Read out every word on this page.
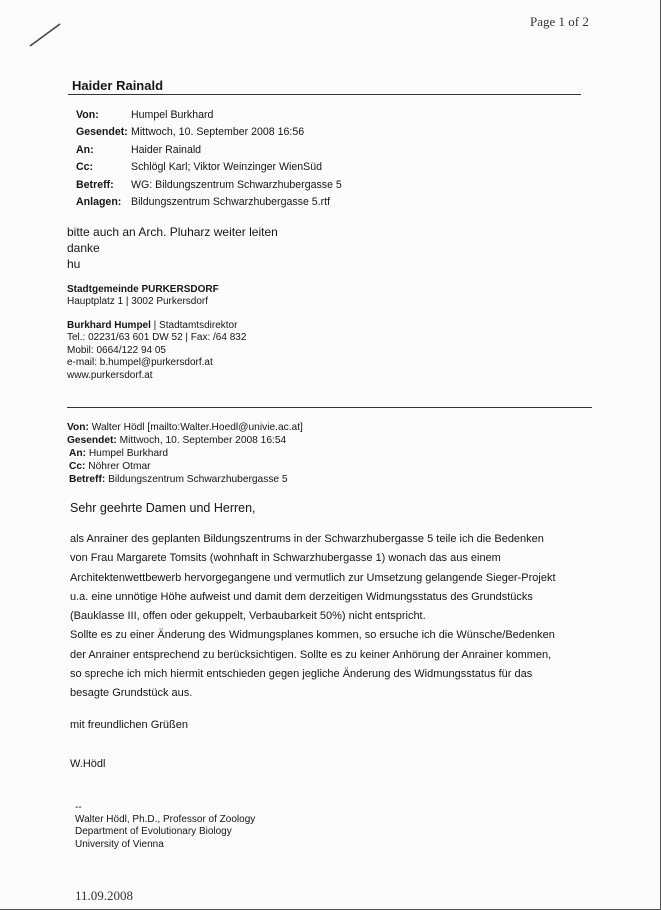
Page 1 of 2
Haider Rainald
Von:	Humpel Burkhard
Gesendet: Mittwoch, 10. September 2008 16:56
An:	Haider Rainald
Cc:	Schlögl Karl; Viktor Weinzinger WienSüd
Betreff: WG: Bildungszentrum Schwarzhubergasse 5
Anlagen: Bildungszentrum Schwarzhubergasse 5.rtf
bitte auch an Arch. Pluharz weiter leiten
danke
hu
Stadtgemeinde PURKERSDORF
Hauptplatz 1 | 3002 Purkersdorf
Burkhard Humpel | Stadtamtsdirektor
Tel.: 02231/63 601 DW 52 | Fax: /64 832
Mobil: 0664/122 94 05
e-mail: b.humpel@purkersdorf.at
www.purkersdorf.at
Von: Walter Hödl [mailto:Walter.Hoedl@univie.ac.at]
Gesendet: Mittwoch, 10. September 2008 16:54
An: Humpel Burkhard
Cc: Nöhrer Otmar
Betreff: Bildungszentrum Schwarzhubergasse 5
Sehr geehrte Damen und Herren,
als Anrainer des geplanten Bildungszentrums in der Schwarzhubergasse 5 teile ich die Bedenken
von Frau Margarete Tomsits (wohnhaft in Schwarzhubergasse 1) wonach das aus einem
Architektenwettbewerb hervorgegangene und vermutlich zur Umsetzung gelangende Sieger-Projekt
u.a. eine unnötige Höhe aufweist und damit dem derzeitigen Widmungsstatus des Grundstücks
(Bauklasse III, offen oder gekuppelt, Verbaubarkeit 50%) nicht entspricht.
Sollte es zu einer Änderung des Widmungsplanes kommen, so ersuche ich die Wünsche/Bedenken
der Anrainer entsprechend zu berücksichtigen. Sollte es zu keiner Anhörung der Anrainer kommen,
so spreche ich mich hiermit entschieden gegen jegliche Änderung des Widmungsstatus für das
besagte Grundstück aus.
mit freundlichen Grüßen
W.Hödl
--
Walter Hödl, Ph.D., Professor of Zoology
Department of Evolutionary Biology
University of Vienna
11.09.2008
